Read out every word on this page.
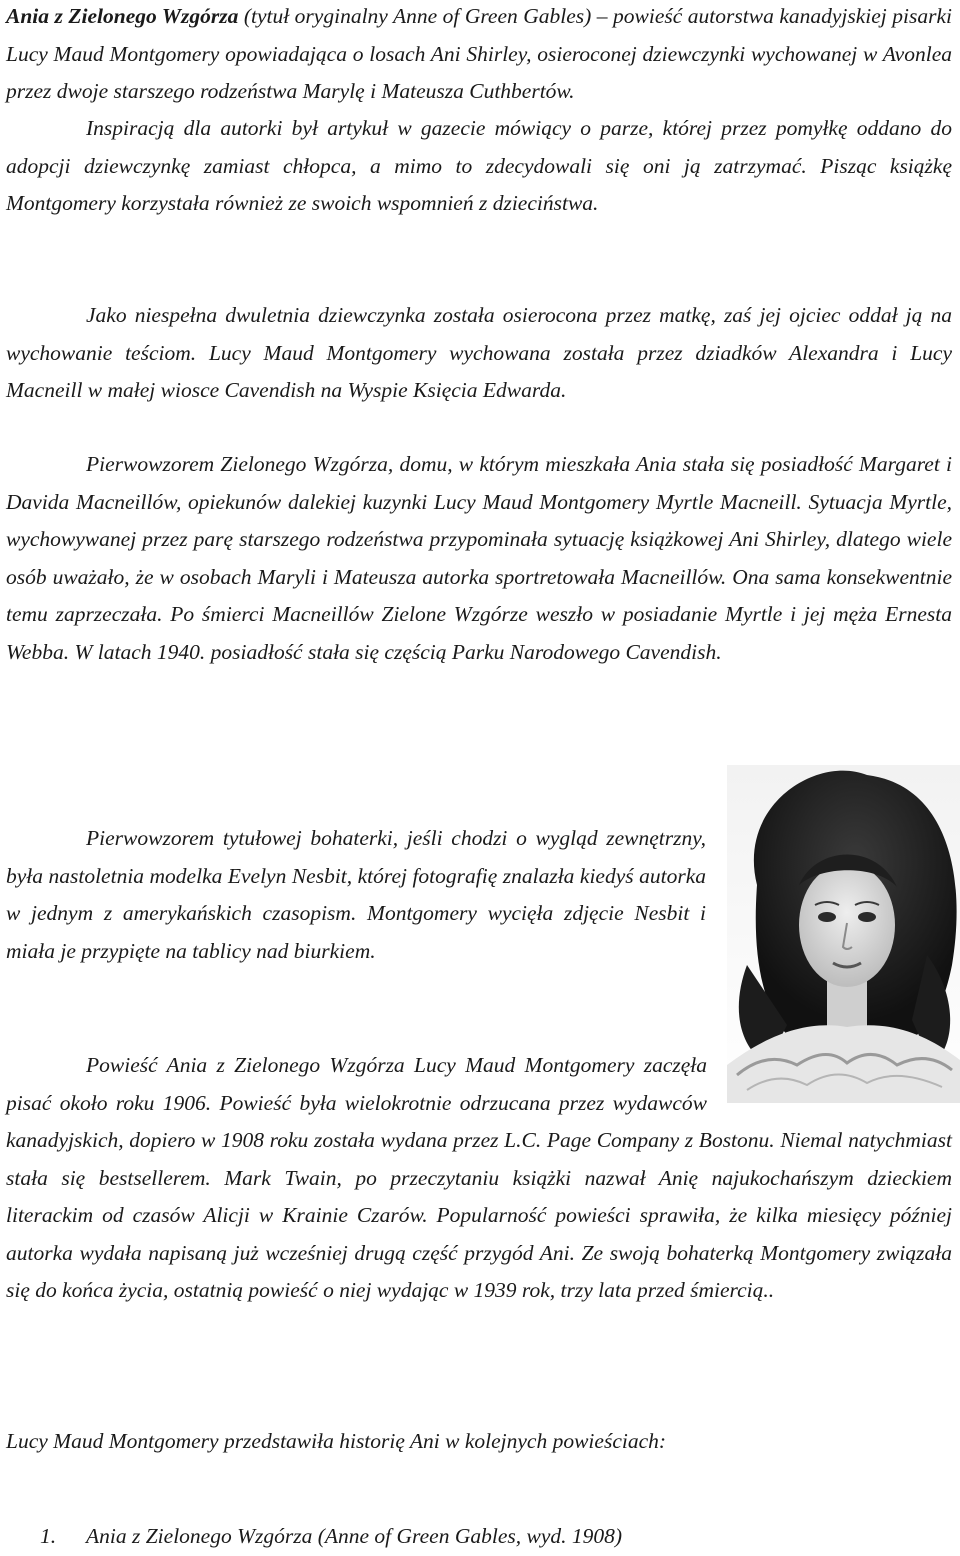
Ania z Zielonego Wzgórza (tytuł oryginalny Anne of Green Gables) – powieść autorstwa kanadyjskiej pisarki Lucy Maud Montgomery opowiadająca o losach Ani Shirley, osieroconej dziewczynki wychowanej w Avonlea przez dwoje starszego rodzeństwa Marylę i Mateusza Cuthbertów.

Inspiracją dla autorki był artykuł w gazecie mówiący o parze, której przez pomyłkę oddano do adopcji dziewczynkę zamiast chłopca, a mimo to zdecydowali się oni ją zatrzymać. Pisząc książkę Montgomery korzystała również ze swoich wspomnień z dzieciństwa.

Jako niespełna dwuletnia dziewczynka została osierocona przez matkę, zaś jej ojciec oddał ją na wychowanie teściom. Lucy Maud Montgomery wychowana została przez dziadków Alexandra i Lucy Macneill w małej wiosce Cavendish na Wyspie Księcia Edwarda.

Pierwowzorem Zielonego Wzgórza, domu, w którym mieszkała Ania stała się posiadłość Margaret i Davida Macneillów, opiekunów dalekiej kuzynki Lucy Maud Montgomery Myrtle Macneill. Sytuacja Myrtle, wychowywanej przez parę starszego rodzeństwa przypominała sytuację książkowej Ani Shirley, dlatego wiele osób uważało, że w osobach Maryli i Mateusza autorka sportretowała Macneillów. Ona sama konsekwentnie temu zaprzeczała. Po śmierci Macneillów Zielone Wzgórze weszło w posiadanie Myrtle i jej męża Ernesta Webba. W latach 1940. posiadłość stała się częścią Parku Narodowego Cavendish.

Pierwowzorem tytułowej bohaterki, jeśli chodzi o wygląd zewnętrzny, była nastoletnia modelka Evelyn Nesbit, której fotografię znalazła kiedyś autorka w jednym z amerykańskich czasopism. Montgomery wycięła zdjęcie Nesbit i miała je przypięte na tablicy nad biurkiem.

Powieść Ania z Zielonego Wzgórza Lucy Maud Montgomery zaczęła pisać około roku 1906. Powieść była wielokrotnie odrzucana przez wydawców kanadyjskich, dopiero w 1908 roku została wydana przez L.C. Page Company z Bostonu. Niemal natychmiast stała się bestsellerem. Mark Twain, po przeczytaniu książki nazwał Anię najukochańszym dzieckiem literackim od czasów Alicji w Krainie Czarów. Popularność powieści sprawiła, że kilka miesięcy później autorka wydała napisaną już wcześniej drugą część przygód Ani. Ze swoją bohaterką Montgomery związała się do końca życia, ostatnią powieść o niej wydając w 1939 rok, trzy lata przed śmiercią..

Lucy Maud Montgomery przedstawiła historię Ani w kolejnych powieściach:

1. Ania z Zielonego Wzgórza (Anne of Green Gables, wyd. 1908)
